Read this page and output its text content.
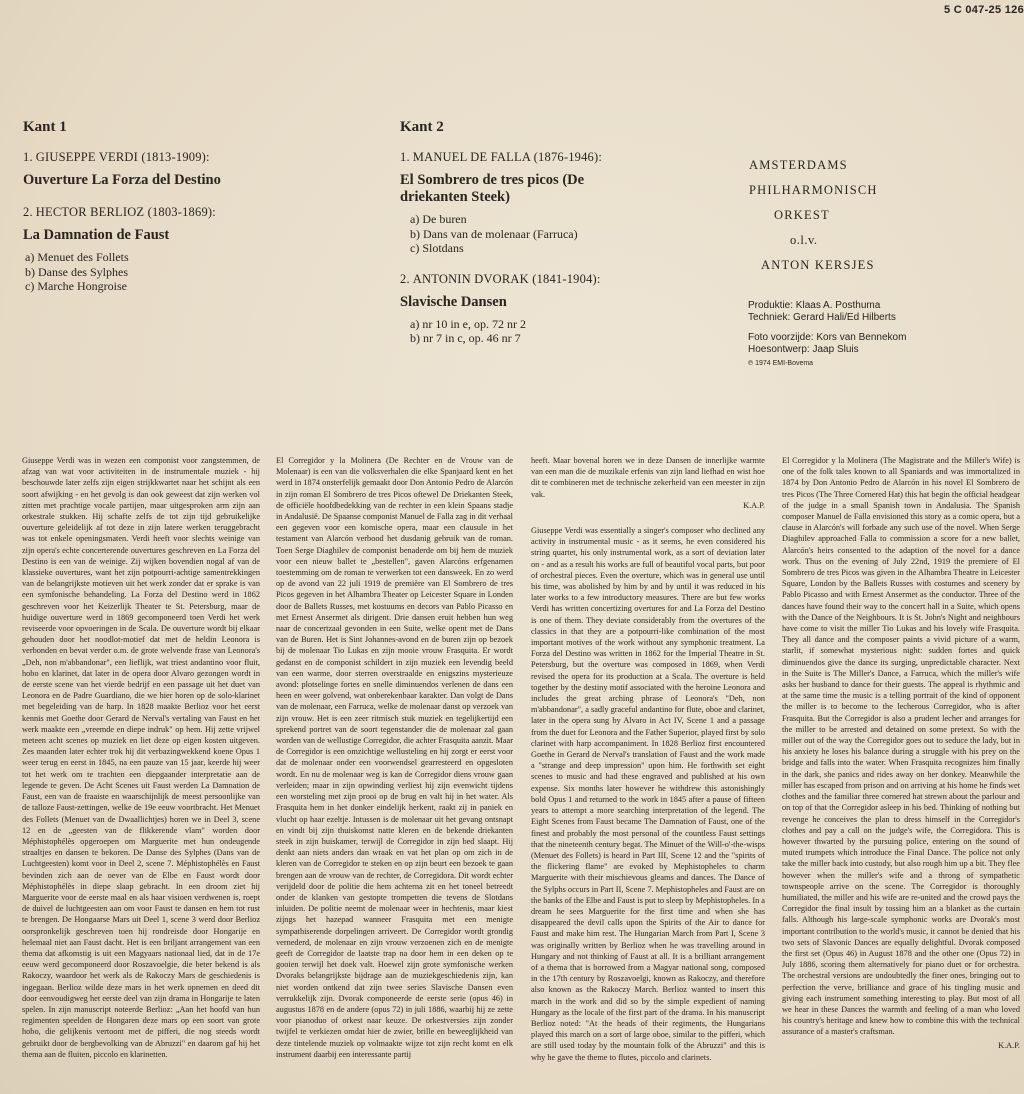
5 C 047-25 126
Kant 1
1. GIUSEPPE VERDI (1813-1909):
Ouverture La Forza del Destino
2. HECTOR BERLIOZ (1803-1869):
La Damnation de Faust
a) Menuet des Follets
b) Danse des Sylphes
c) Marche Hongroise
Kant 2
1. MANUEL DE FALLA (1876-1946):
El Sombrero de tres picos (De driekanten Steek)
a) De buren
b) Dans van de molenaar (Farruca)
c) Slotdans
2. ANTONIN DVORAK (1841-1904):
Slavische Dansen
a) nr 10 in e, op. 72 nr 2
b) nr 7 in c, op. 46 nr 7
AMSTERDAMS
PHILHARMONISCH
ORKEST
o.l.v.
ANTON KERSJES
Produktie: Klaas A. Posthuma
Techniek: Gerard Hali/Ed Hilberts
Foto voorzijde: Kors van Bennekom
Hoesontwerp: Jaap Sluis
℗ 1974 EMI-Bovema

Giuseppe Verdi was in wezen een componist voor zangstemmen, de afzag van wat voor activiteiten in de instrumentale muziek - hij beschouwde later zelfs zijn eigen strijkkwartet naar het schijnt als een soort afwijking - en het gevolg is dan ook geweest dat zijn werken vol zitten met prachtige vocale partijen, maar uitgesproken arm zijn aan orkestrale stukken. Hij schafte zelfs de tot zijn tijd gebruikelijke ouverture geleidelijk af tot deze in zijn latere werken teruggebracht was tot enkele openingsmaten. Verdi heeft voor slechts weinige van zijn opera's echte concerterende ouvertures geschreven en La Forza del Destino is een van de weinige. Zij wijken bovendien nogal af van de klassieke ouvertures, want het zijn potpourri-achtige samentrekkingen van de belangrijkste motieven uit het werk zonder dat er sprake is van een symfonische behandeling. La Forza del Destino werd in 1862 geschreven voor het Keizerlijk Theater te St. Petersburg, maar de huidige ouverture werd in 1869 gecomponeerd toen Verdi het werk reviseerde voor opvoeringen in de Scala. De ouverture wordt bij elkaar gehouden door het noodlot-motief dat met de heldin Leonora is verbonden en bevat verder o.m. de grote welvende frase van Leonora's „Deh, non m'abbandonar", een lieflijk, wat triest andantino voor fluit, hobo en klarinet, dat later in de opera door Alvaro gezongen wordt in de eerste scene van het vierde bedrijf en een passage uit het duet van Leonora en de Padre Guardiano, die we hier horen op de solo-klarinet met begeleiding van de harp. In 1828 maakte Berlioz voor het eerst kennis met Goethe door Gerard de Nerval's vertaling van Faust en het werk maakte een „vreemde en diepe indruk" op hem. Hij zette vrijwel meteen acht scenes op muziek en liet deze op eigen kosten uitgeven. Zes maanden later echter trok hij dit verbazingwekkend koene Opus 1 weer terug en eerst in 1845, na een pauze van 15 jaar, keerde hij weer tot het werk om te trachten een diepgaander interpretatie aan de legende te geven. De Acht Scenes uit Faust werden La Damnation de Faust, een van de fraaiste en waarschijnlijk de meest persoonlijke van de talloze Faust-zettingen, welke de 19e eeuw voortbracht. Het Menuet des Follets (Menuet van de Dwaallichtjes) horen we in Deel 3, scene 12 en de „geesten van de flikkerende vlam" worden door Méphistophélès opgeroepen om Marguerite met hun ondeugende straaltjes en dansen te bekoren. De Danse des Sylphes (Dans van de Luchtgeesten) komt voor in Deel 2, scene 7. Méphistophélès en Faust bevinden zich aan de oever van de Elbe en Faust wordt door Méphistophélès in diepe slaap gebracht. In een droom ziet hij Marguerite voor de eerste maal en als haar visioen verdwenen is, roept de duivel de luchtgeesten aan om voor Faust te dansen en hem tot rust te brengen. De Hongaarse Mars uit Deel 1, scene 3 werd door Berlioz oorspronkelijk geschreven toen hij rondreisde door Hongarije en helemaal niet aan Faust dacht. Het is een briljant arrangement van een thema dat afkomstig is uit een Magyaars nationaal lied, dat in de 17e eeuw werd gecomponeerd door Roszavoelgie, die beter bekend is als Rakoczy, waardoor het werk als de Rakoczy Mars de geschiedenis is ingegaan. Berlioz wilde deze mars in het werk opnemen en deed dit door eenvoudigweg het eerste deel van zijn drama in Hongarije te laten spelen. In zijn manuscript noteerde Berlioz: „Aan het hoofd van hun regimenten speelden de Hongaren deze mars op een soort van grote hobo, die gelijkenis vertoont met de pifferi, die nog steeds wordt gebruikt door de bergbevolking van de Abruzzi" en daarom gaf hij het thema aan de fluiten, piccolo en klarinetten.

El Corregidor y la Molinera (De Rechter en de Vrouw van de Molenaar) is een van die volksverhalen die elke Spanjaard kent en het werd in 1874 onsterfelijk gemaakt door Don Antonio Pedro de Alarcón in zijn roman El Sombrero de tres Picos oftewel De Driekanten Steek, de officiële hoofdbedekking van de rechter in een klein Spaans stadje in Andalusië. De Spaanse componist Manuel de Falla zag in dit verhaal een gegeven voor een komische opera, maar een clausule in het testament van Alarcón verbood het dusdanig gebruik van de roman. Toen Serge Diaghilev de componist benaderde om bij hem de muziek voor een nieuw ballet te „bestellen", gaven Alarcóns erfgenamen toestemming om de roman te verwerken tot een dansweek. En zo werd op de avond van 22 juli 1919 de première van El Sombrero de tres Picos gegeven in het Alhambra Theater op Leicester Square in Londen door de Ballets Russes, met kostuums en decors van Pablo Picasso en met Ernest Ansermet als dirigent. Drie dansen eruit hebben hun weg naar de concertzaal gevonden in een Suite, welke opent met de Dans van de Buren. Het is Sint Johannes-avond en de buren zijn op bezoek bij de molenaar Tio Lukas en zijn mooie vrouw Frasquita. Er wordt gedanst en de componist schildert in zijn muziek een levendig beeld van een warme, door sterren overstraalde en enigszins mysterieuze avond: plotselinge fortes en snelle diminuendos verlenen de dans een heen en weer golvend, wat onberekenbaar karakter. Dan volgt de Dans van de molenaar, een Farruca, welke de molenaar danst op verzoek van zijn vrouw. Het is een zeer ritmisch stuk muziek en tegelijkertijd een sprekend portret van de soort tegenstander die de molenaar zal gaan worden van de wellustige Corregidor, die achter Frasquita aanzit. Maar de Corregidor is een omzichtige wellusteling en hij zorgt er eerst voor dat de molenaar onder een voorwendsel gearresteerd en opgesloten wordt. En nu de molenaar weg is kan de Corregidor diens vrouw gaan verleiden; maar in zijn opwinding verliest hij zijn evenwicht tijdens een worsteling met zijn prooi op de brug en valt hij in het water. Als Frasquita hem in het donker eindelijk herkent, raakt zij in paniek en vlucht op haar ezeltje. Intussen is de molenaar uit het gevang ontsnapt en vindt bij zijn thuiskomst natte kleren en de bekende driekanten steek in zijn huiskamer, terwijl de Corregidor in zijn bed slaapt. Hij denkt aan niets anders dan wraak en vat het plan op om zich in de kleren van de Corregidor te steken en op zijn beurt een bezoek te gaan brengen aan de vrouw van de rechter, de Corregidora. Dit wordt echter verijdeld door de politie die hem achterna zit en het toneel betreedt onder de klanken van gestopte trompetten die tevens de Slotdans inluiden. De politie neemt de molenaar weer in hechtenis, maar kiest zijngs het hazepad wanneer Frasquita met een menigte sympathiserende dorpelingen arriveert. De Corregidor wordt grondig vernederd, de molenaar en zijn vrouw verzoenen zich en de menigte geeft de Corregidor de laatste trap na door hem in een deken op te gooien terwijl het doek valt. Hoewel zijn grote symfonische werken Dvoraks belangrijkste bijdrage aan de muziekgeschiedenis zijn, kan niet worden ontkend dat zijn twee series Slavische Dansen even verrukkelijk zijn. Dvorak componeerde de eerste serie (opus 46) in augustus 1878 en de andere (opus 72) in juli 1886, waarbij hij ze zette voor pianoduo of orkest naar keuze. De orkestversies zijn zonder twijfel te verkiezen omdat hier de zwier, brille en beweeglijkheid van deze tintelende muziek op volmaakte wijze tot zijn recht komt en elk instrument daarbij een interessante partij

heeft. Maar bovenal horen we in deze Dansen de innerlijke warmte van een man die de muzikale erfenis van zijn land liefhad en wist hoe dit te combineren met de technische zekerheid van een meester in zijn vak.

K.A.P.

Giuseppe Verdi was essentially a singer's composer who declined any activity in instrumental music - as it seems, he even considered his string quartet, his only instrumental work, as a sort of deviation later on - and as a result his works are full of beautiful vocal parts, but poor of orchestral pieces. Even the overture, which was in general use until his time, was abolished by him by and by until it was reduced in his later works to a few introductory measures. There are but few works Verdi has written concertizing overtures for and La Forza del Destino is one of them. They deviate considerably from the overtures of the classics in that they are a potpourri-like combination of the most important motives of the work without any symphonic treatment. La Forza del Destino was written in 1862 for the Imperial Theatre in St. Petersburg, but the overture was composed in 1869, when Verdi revised the opera for its production at a Scala. The overture is held together by the destiny motif associated with the heroine Leonora and includes the great arching phrase of Leonora's "Deh, non m'abbandonar", a sadly graceful andantino for flute, oboe and clarinet, later in the opera sung by Alvaro in Act IV, Scene 1 and a passage from the duet for Leonora and the Father Superior, played first by solo clarinet with harp accompaniment. In 1828 Berlioz first encountered Goethe in Gerard de Nerval's translation of Faust and the work made a "strange and deep impression" upon him. He forthwith set eight scenes to music and had these engraved and published at his own expense. Six months later however he withdrew this astonishingly bold Opus 1 and returned to the work in 1845 after a pause of fifteen years to attempt a more searching interpretation of the legend. The Eight Scenes from Faust became The Damnation of Faust, one of the finest and probably the most personal of the countless Faust settings that the nineteenth century begat. The Minuet of the Will-o'-the-wisps (Menuet des Follets) is heard in Part III, Scene 12 and the "spirits of the flickering flame" are evoked by Mephistopheles to charm Marguerite with their mischievous gleams and dances. The Dance of the Sylphs occurs in Part II, Scene 7. Mephistopheles and Faust are on the banks of the Elbe and Faust is put to sleep by Mephistopheles. In a dream he sees Marguerite for the first time and when she has disappeared the devil calls upon the Spirits of the Air to dance for Faust and make him rest. The Hungarian March from Part I, Scene 3 was originally written by Berlioz when he was travelling around in Hungary and not thinking of Faust at all. It is a brilliant arrangement of a thema that is borrowed from a Magyar national song, composed in the 17th century by Roszavoelgi, known as Rakoczy, and therefore also known as the Rakoczy March. Berlioz wanted to insert this march in the work and did so by the simple expedient of naming Hungary as the locale of the first part of the drama. In his manuscript Berlioz noted: "At the heads of their regiments, the Hungarians played this march on a sort of large oboe, similar to the pifferi, which are still used today by the mountain folk of the Abruzzi" and this is why he gave the theme to flutes, piccolo and clarinets.

El Corregidor y la Molinera (The Magistrate and the Miller's Wife) is one of the folk tales known to all Spaniards and was immortalized in 1874 by Don Antonio Pedro de Alarcón in his novel El Sombrero de tres Picos (The Three Cornered Hat) this hat begin the official headgear of the judge in a small Spanish town in Andalusia. The Spanish composer Manuel de Falla envisioned this story as a comic opera, but a clause in Alarcón's will forbade any such use of the novel. When Serge Diaghilev approached Falla to commission a score for a new ballet, Alarcón's heirs consented to the adaption of the novel for a dance work. Thus on the evening of July 22nd, 1919 the premiere of El Sombrero de tres Picos was given in the Alhambra Theatre in Leicester Square, London by the Ballets Russes with costumes and scenery by Pablo Picasso and with Ernest Ansermet as the conductor. Three of the dances have found their way to the concert hall in a Suite, which opens with the Dance of the Neighbours. It is St. John's Night and neighbours have come to visit the miller Tio Lukas and his lovely wife Frasquita. They all dance and the composer paints a vivid picture of a warm, starlit, if somewhat mysterious night: sudden fortes and quick diminuendos give the dance its surging, unpredictable character. Next in the Suite is The Miller's Dance, a Farruca, which the miller's wife asks her husband to dance for their guests. The appeal is rhythmic and at the same time the music is a telling portrait of the kind of opponent the miller is to become to the lecherous Corregidor, who is after Frasquita. But the Corregidor is also a prudent lecher and arranges for the miller to be arrested and detained on some pretext. So with the miller out of the way the Corregidor goes out to seduce the lady, but in his anxiety he loses his balance during a struggle with his prey on the bridge and falls into the water. When Frasquita recognizes him finally in the dark, she panics and rides away on her donkey. Meanwhile the miller has escaped from prison and on arriving at his home he finds wet clothes and the familiar three cornered hat strewn about the parlour and on top of that the Corregidor asleep in his bed. Thinking of nothing but revenge he conceives the plan to dress himself in the Corregidor's clothes and pay a call on the judge's wife, the Corregidora. This is however thwarted by the pursuing police, entering on the sound of muted trumpets which introduce the Final Dance. The police not only take the miller back into custody, but also rough him up a bit. They flee however when the miller's wife and a throng of sympathetic townspeople arrive on the scene. The Corregidor is thoroughly humiliated, the miller and his wife are re-united and the crowd pays the Corregidor the final insult by tossing him an a blanket as the curtain falls. Although his large-scale symphonic works are Dvorak's most important contribution to the world's music, it cannot be denied that his two sets of Slavonic Dances are equally delightful. Dvorak composed the first set (Opus 46) in August 1878 and the other one (Opus 72) in July 1886, scoring them alternatively for piano duet or for orchestra. The orchestral versions are undoubtedly the finer ones, bringing out to perfection the verve, brilliance and grace of his tingling music and giving each instrument something interesting to play. But most of all we hear in these Dances the warmth and feeling of a man who loved his country's heritage and knew how to combine this with the technical assurance of a master's craftsman.

K.A.P.
